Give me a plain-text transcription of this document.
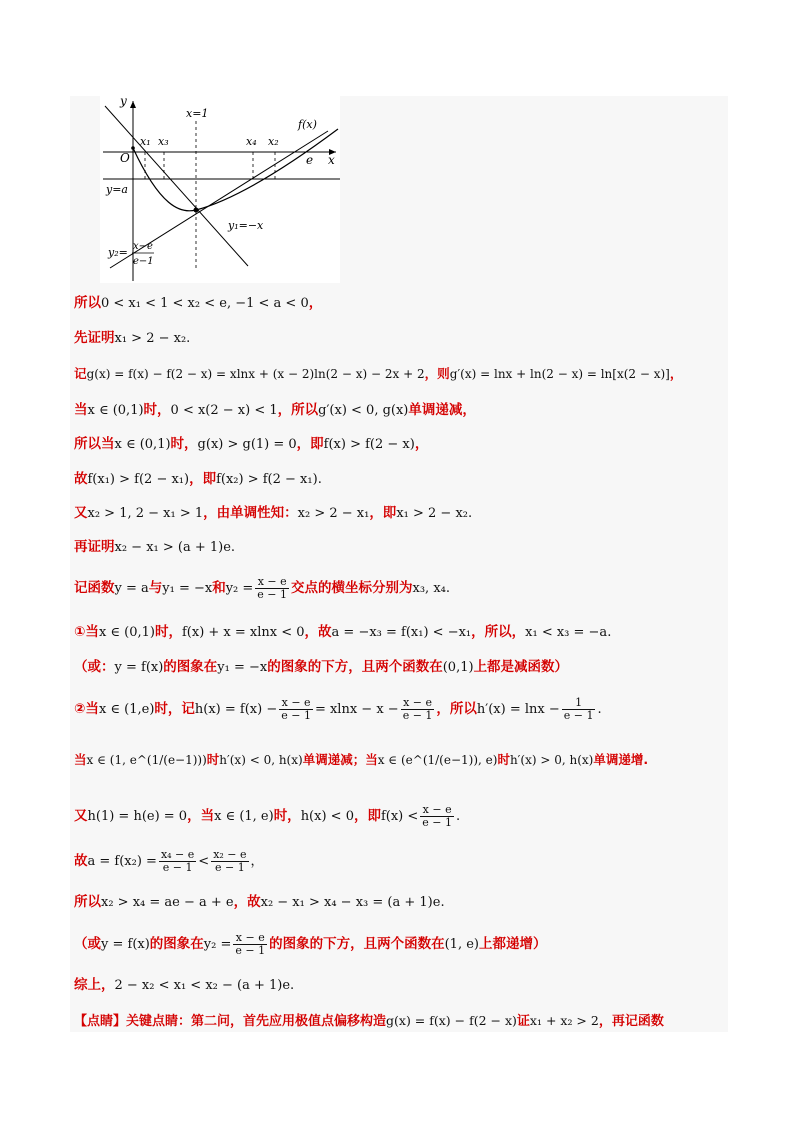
y
x
O
x₁ x₃	x₄ x₂
e
f(x)
x=1
y=a
y₁=−x
y₂= x−e
e−1
所以0 < x₁ < 1 < x₂ < e, −1 < a < 0，
先证明x₁ > 2 − x₂.
记g(x) = f(x) − f(2 − x) = xlnx + (x − 2)ln(2 − x) − 2x + 2，则g′(x) = lnx + ln(2 − x) = ln[x(2 − x)]，
当x ∈ (0,1)时，0 < x(2 − x) < 1，所以g′(x) < 0, g(x)单调递减，
所以当x ∈ (0,1)时，g(x) > g(1) = 0，即f(x) > f(2 − x)，
故f(x₁) > f(2 − x₁)，即f(x₂) > f(2 − x₁).
又x₂ > 1, 2 − x₁ > 1，由单调性知：x₂ > 2 − x₁，即x₁ > 2 − x₂.
再证明x₂ − x₁ > (a + 1)e.
记函数y = a与y₁ = −x和$y_2 = \frac{x - e}{e - 1}$ 交点的横坐标分别为x₃, x₄.
①当x ∈ (0,1)时，f(x) + x = xlnx < 0，故a = −x₃ = f(x₁) < −x₁，所以，x₁ < x₃ = −a.
（或：y = f(x)的图象在y₁ = −x的图象的下方，且两个函数在(0,1)上都是减函数）
②当x ∈ (1,e)时，记$h(x) = f(x) - \frac{x - e}{e - 1} = xlnx - x - \frac{x - e}{e - 1}$ ，所以$h'(x) = \ln x - \frac{1}{e - 1}$ .
当x ∈ (1, e^(1/(e−1)))时h′(x) < 0, h(x)单调递减；当x ∈ (e^(1/(e−1)), e)时h′(x) > 0, h(x)单调递增.
又h(1) = h(e) = 0，当x ∈ (1, e)时，h(x) < 0，即$f(x) < \frac{x - e}{e - 1}$ .
故$a = f(x_2) = \frac{\text{x₄ − e}}{e - 1} < \frac{\text{x₂ − e}}{e - 1}$ ，
所以x₂ > x₄ = ae − a + e，故x₂ − x₁ > x₄ − x₃ = (a + 1)e.
（或y = f(x)的图象在$y_2 = \frac{x - e}{e - 1}$ 的图象的下方，且两个函数在(1, e)上都递增）
综上，2 − x₂ < x₁ < x₂ − (a + 1)e.
【点睛】关键点睛：第二问，首先应用极值点偏移构造g(x) = f(x) − f(2 − x)证x₁ + x₂ > 2，再记函数
